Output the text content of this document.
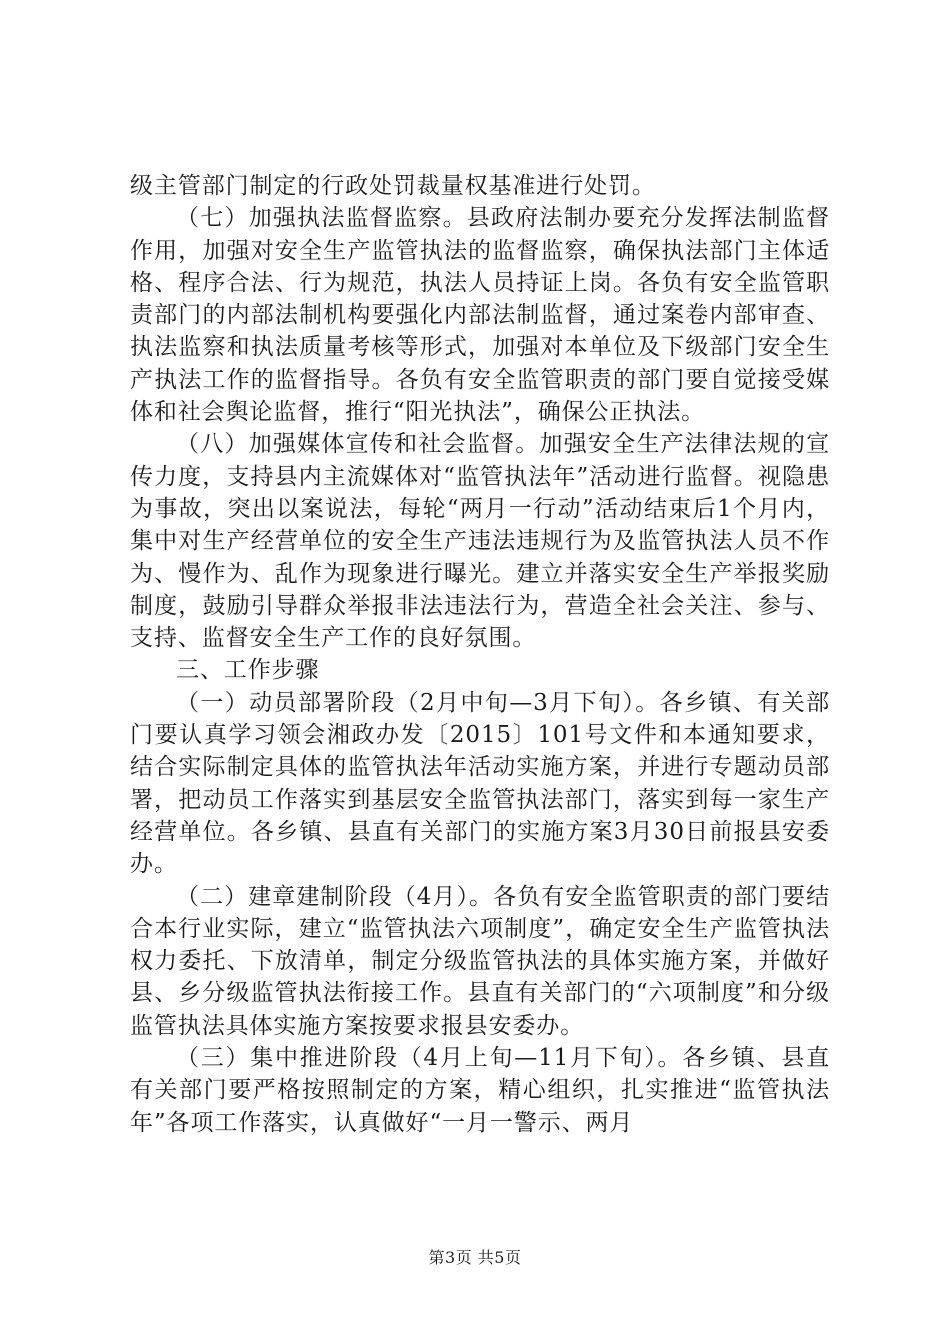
级主管部门制定的行政处罚裁量权基准进行处罚。

（七）加强执法监督监察。县政府法制办要充分发挥法制监督作用，加强对安全生产监管执法的监督监察，确保执法部门主体适格、程序合法、行为规范，执法人员持证上岗。各负有安全监管职责部门的内部法制机构要强化内部法制监督，通过案卷内部审查、执法监察和执法质量考核等形式，加强对本单位及下级部门安全生产执法工作的监督指导。各负有安全监管职责的部门要自觉接受媒体和社会舆论监督，推行“阳光执法”，确保公正执法。

（八）加强媒体宣传和社会监督。加强安全生产法律法规的宣传力度，支持县内主流媒体对“监管执法年”活动进行监督。视隐患为事故，突出以案说法，每轮“两月一行动”活动结束后1个月内，集中对生产经营单位的安全生产违法违规行为及监管执法人员不作为、慢作为、乱作为现象进行曝光。建立并落实安全生产举报奖励制度，鼓励引导群众举报非法违法行为，营造全社会关注、参与、支持、监督安全生产工作的良好氛围。

三、工作步骤

（一）动员部署阶段（2月中旬—3月下旬）。各乡镇、有关部门要认真学习领会湘政办发〔2015〕101号文件和本通知要求，结合实际制定具体的监管执法年活动实施方案，并进行专题动员部署，把动员工作落实到基层安全监管执法部门，落实到每一家生产经营单位。各乡镇、县直有关部门的实施方案3月30日前报县安委办。

（二）建章建制阶段（4月）。各负有安全监管职责的部门要结合本行业实际，建立“监管执法六项制度”，确定安全生产监管执法权力委托、下放清单，制定分级监管执法的具体实施方案，并做好县、乡分级监管执法衔接工作。县直有关部门的“六项制度”和分级监管执法具体实施方案按要求报县安委办。

（三）集中推进阶段（4月上旬—11月下旬）。各乡镇、县直有关部门要严格按照制定的方案，精心组织，扎实推进“监管执法年”各项工作落实，认真做好“一月一警示、两月

第3页 共5页
